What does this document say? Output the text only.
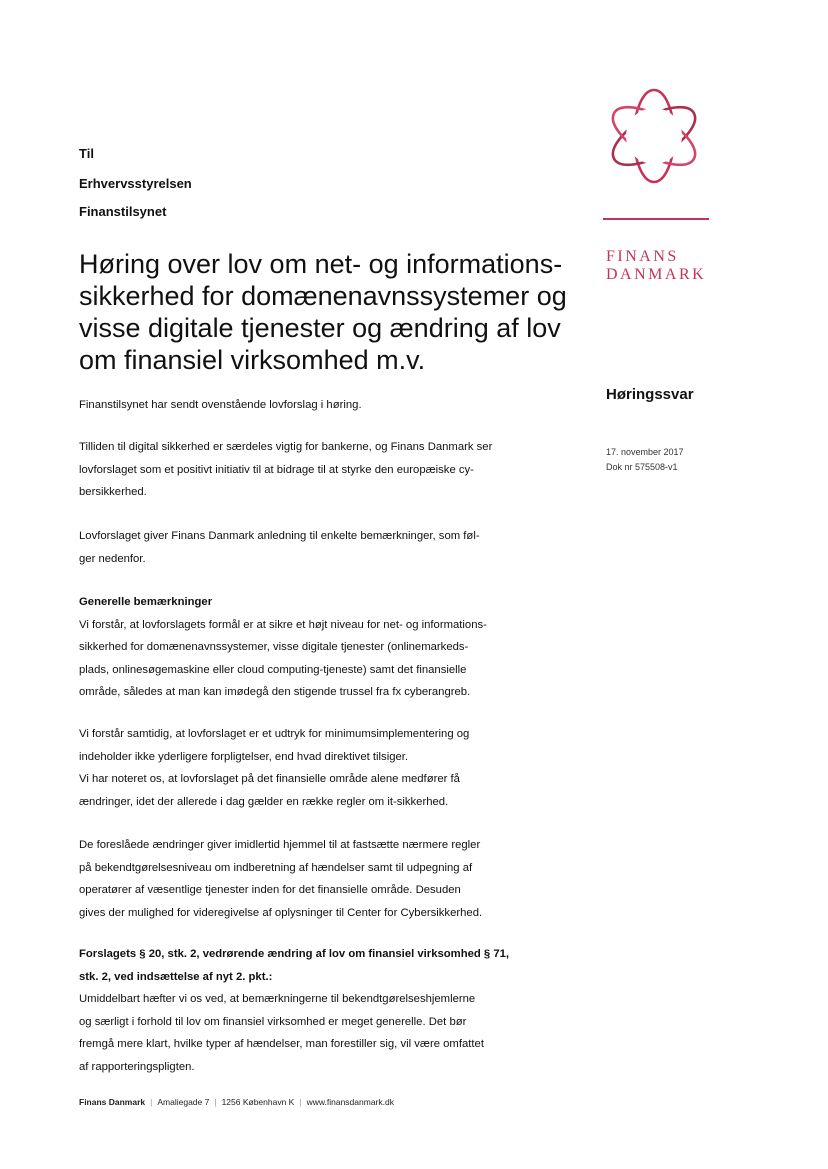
FINANS
DANMARK
Høringssvar
17. november 2017
Dok nr 575508-v1
Til
Erhvervsstyrelsen
Finanstilsynet
Høring over lov om net- og informations-
sikkerhed for domænenavnssystemer og
visse digitale tjenester og ændring af lov
om finansiel virksomhed m.v.

Finanstilsynet har sendt ovenstående lovforslag i høring.

Tilliden til digital sikkerhed er særdeles vigtig for bankerne, og Finans Danmark ser
lovforslaget som et positivt initiativ til at bidrage til at styrke den europæiske cy-
bersikkerhed.

Lovforslaget giver Finans Danmark anledning til enkelte bemærkninger, som føl-
ger nedenfor.

Generelle bemærkninger
Vi forstår, at lovforslagets formål er at sikre et højt niveau for net- og informations-
sikkerhed for domænenavnssystemer, visse digitale tjenester (onlinemarkeds-
plads, onlinesøgemaskine eller cloud computing-tjeneste) samt det finansielle
område, således at man kan imødegå den stigende trussel fra fx cyberangreb.

Vi forstår samtidig, at lovforslaget er et udtryk for minimumsimplementering og
indeholder ikke yderligere forpligtelser, end hvad direktivet tilsiger.
Vi har noteret os, at lovforslaget på det finansielle område alene medfører få
ændringer, idet der allerede i dag gælder en række regler om it-sikkerhed.

De foreslåede ændringer giver imidlertid hjemmel til at fastsætte nærmere regler
på bekendtgørelsesniveau om indberetning af hændelser samt til udpegning af
operatører af væsentlige tjenester inden for det finansielle område. Desuden
gives der mulighed for videregivelse af oplysninger til Center for Cybersikkerhed.

Forslagets § 20, stk. 2, vedrørende ændring af lov om finansiel virksomhed § 71,
stk. 2, ved indsættelse af nyt 2. pkt.:
Umiddelbart hæfter vi os ved, at bemærkningerne til bekendtgørelseshjemlerne
og særligt i forhold til lov om finansiel virksomhed er meget generelle. Det bør
fremgå mere klart, hvilke typer af hændelser, man forestiller sig, vil være omfattet
af rapporteringspligten.

Finans Danmark | Amaliegade 7 | 1256 København K | www.finansdanmark.dk
